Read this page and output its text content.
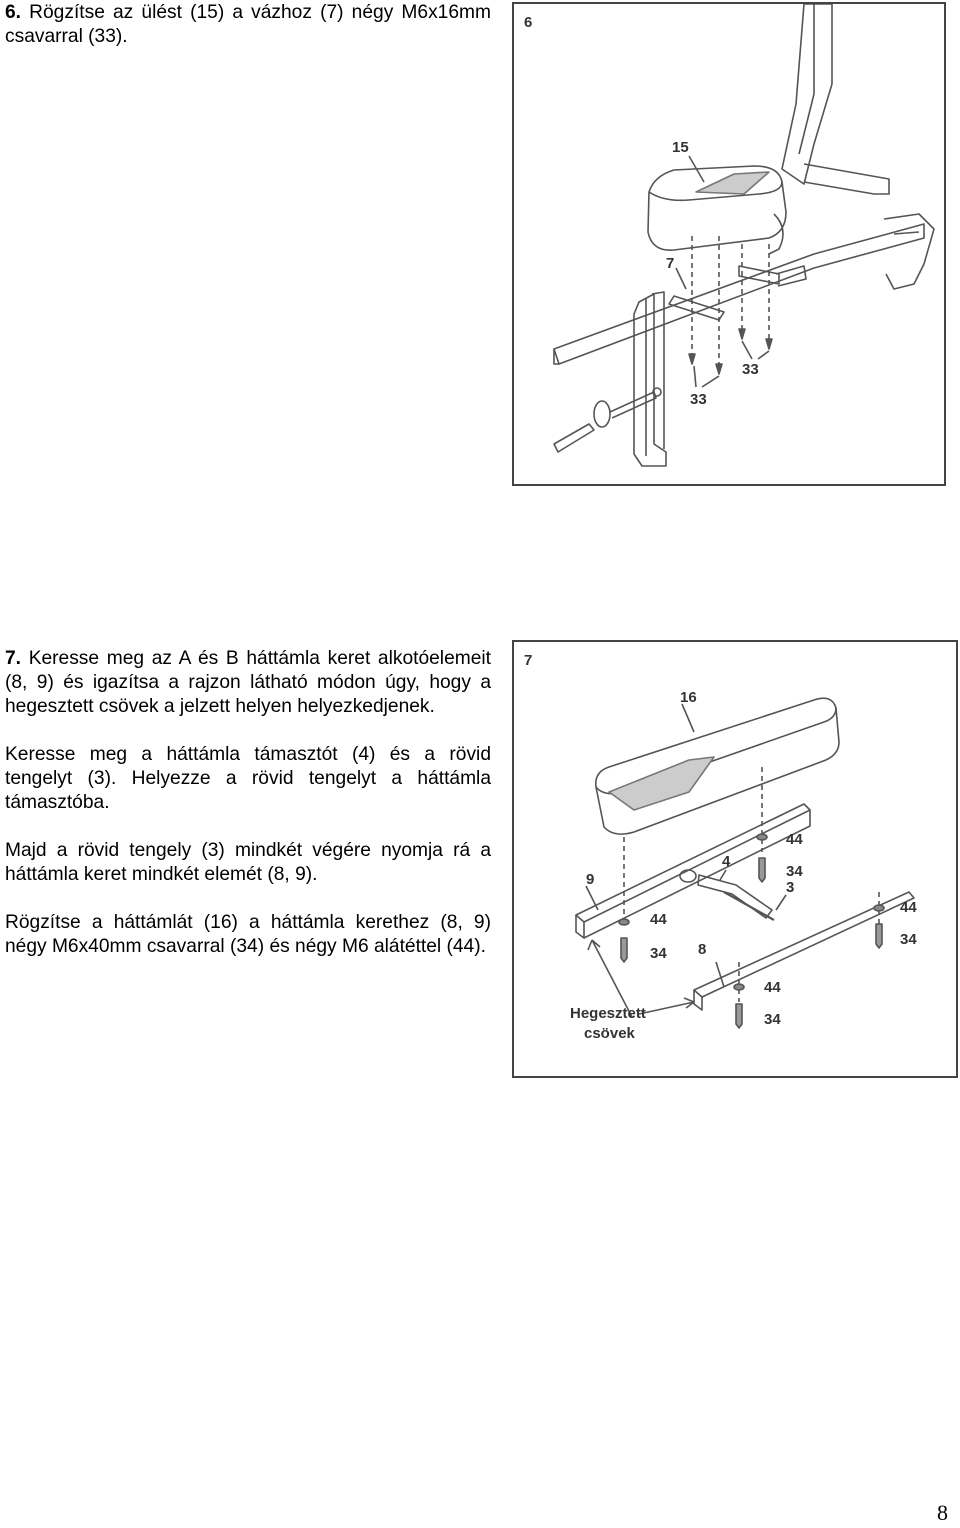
6. Rögzítse az ülést (15) a vázhoz (7) négy M6x16mm csavarral (33).

6
15
7
33
33

7. Keresse meg az A és B háttámla keret alkotóelemeit (8, 9) és igazítsa a rajzon látható módon úgy, hogy a hegesztett csövek a jelzett helyen helyezkedjenek.

Keresse meg a háttámla támasztót (4) és a rövid tengelyt (3). Helyezze a rövid tengelyt a háttámla támasztóba.

Majd a rövid tengely (3) mindkét végére nyomja rá a háttámla keret mindkét elemét (8, 9).

Rögzítse a háttámlát (16) a háttámla kerethez (8, 9) négy M6x40mm csavarral (34) és négy M6 alátéttel (44).

7
16
4
3
9
8
44
34
44
34
44
34
44
34
Hegesztett
csövek
8
